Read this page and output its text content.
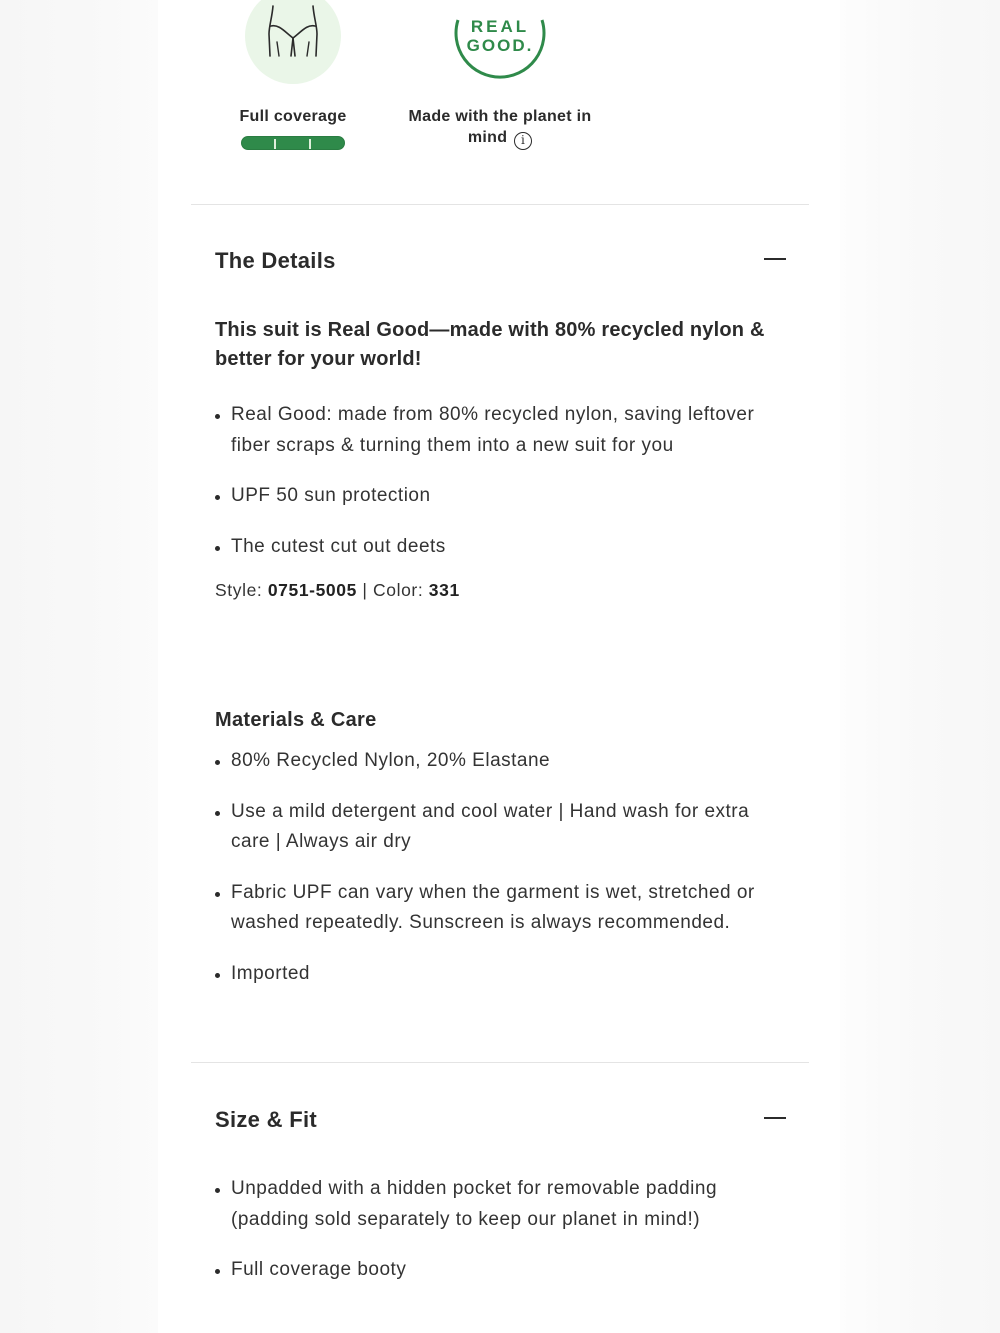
Full coverage
REAL
GOOD.
Made with the planet in mind i
The Details
This suit is Real Good—made with 80% recycled nylon & better for your world!
Real Good: made from 80% recycled nylon, saving leftover fiber scraps & turning them into a new suit for you
UPF 50 sun protection
The cutest cut out deets
Style: 0751-5005 | Color: 331
Materials & Care
80% Recycled Nylon, 20% Elastane
Use a mild detergent and cool water | Hand wash for extra care | Always air dry
Fabric UPF can vary when the garment is wet, stretched or washed repeatedly. Sunscreen is always recommended.
Imported
Size & Fit
Unpadded with a hidden pocket for removable padding (padding sold separately to keep our planet in mind!)
Full coverage booty
